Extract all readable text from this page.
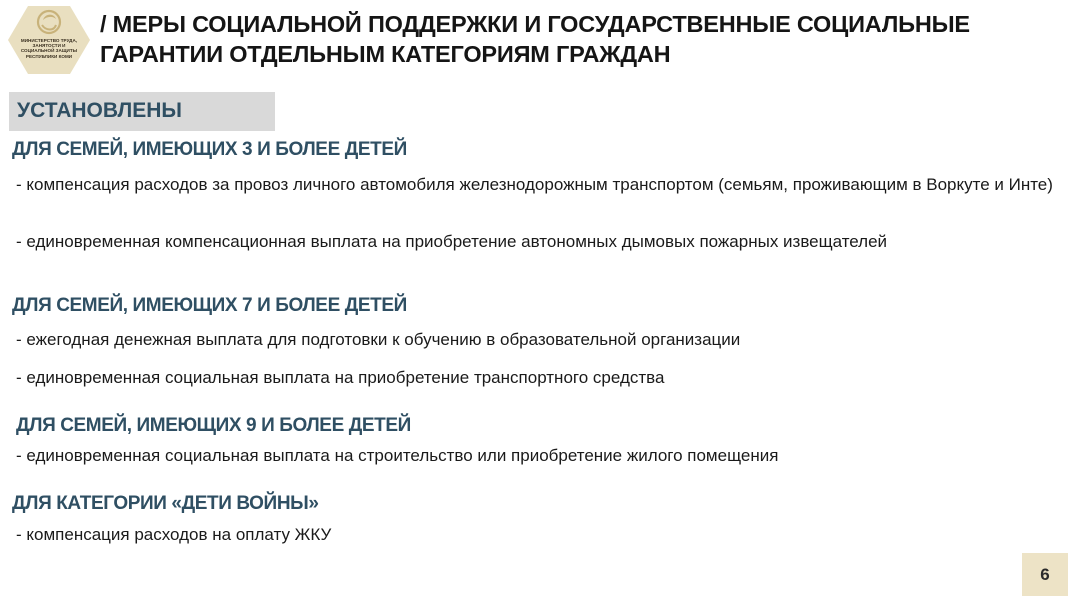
МИНИСТЕРСТВО ТРУДА, ЗАНЯТОСТИ И СОЦИАЛЬНОЙ ЗАЩИТЫ РЕСПУБЛИКИ КОМИ
/ МЕРЫ СОЦИАЛЬНОЙ ПОДДЕРЖКИ И ГОСУДАРСТВЕННЫЕ СОЦИАЛЬНЫЕ ГАРАНТИИ ОТДЕЛЬНЫМ КАТЕГОРИЯМ ГРАЖДАН
УСТАНОВЛЕНЫ
ДЛЯ СЕМЕЙ, ИМЕЮЩИХ 3 И БОЛЕЕ ДЕТЕЙ
- компенсация расходов за провоз личного автомобиля железнодорожным транспортом (семьям, проживающим в Воркуте и Инте)
- единовременная компенсационная выплата на приобретение автономных дымовых пожарных извещателей
ДЛЯ СЕМЕЙ, ИМЕЮЩИХ 7 И БОЛЕЕ ДЕТЕЙ
- ежегодная денежная выплата для подготовки к обучению в образовательной организации
- единовременная социальная выплата на приобретение транспортного средства
ДЛЯ СЕМЕЙ, ИМЕЮЩИХ 9 И БОЛЕЕ ДЕТЕЙ
- единовременная социальная выплата на строительство или приобретение жилого помещения
ДЛЯ КАТЕГОРИИ «ДЕТИ ВОЙНЫ»
- компенсация расходов на оплату ЖКУ
6
